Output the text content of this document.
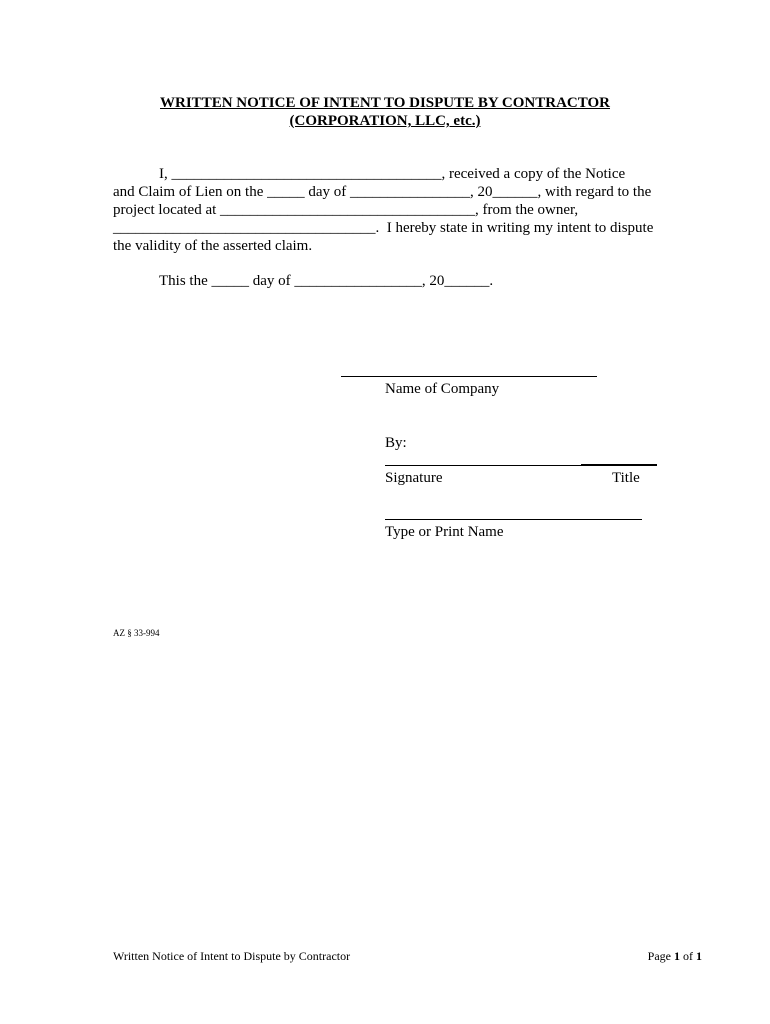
WRITTEN NOTICE OF INTENT TO DISPUTE BY CONTRACTOR
(CORPORATION, LLC, etc.)
I, ____________________________________, received a copy of the Notice
and Claim of Lien on the _____ day of ________________, 20______, with regard to the
project located at __________________________________, from the owner,
___________________________________.  I hereby state in writing my intent to dispute
the validity of the asserted claim.
This the _____ day of _________________, 20______.
Name of Company
By:
Signature	Title
Type or Print Name
AZ § 33-994
Written Notice of Intent to Dispute by Contractor	Page 1 of 1
